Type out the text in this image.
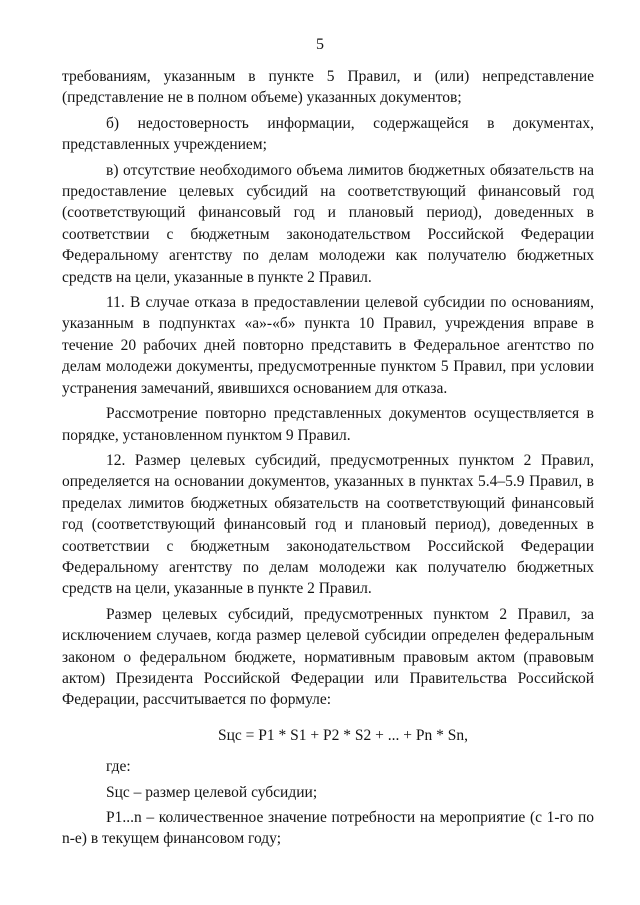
5

требованиям, указанным в пункте 5 Правил, и (или) непредставление (представление не в полном объеме) указанных документов;

б) недостоверность информации, содержащейся в документах, представленных учреждением;

в) отсутствие необходимого объема лимитов бюджетных обязательств на предоставление целевых субсидий на соответствующий финансовый год (соответствующий финансовый год и плановый период), доведенных в соответствии с бюджетным законодательством Российской Федерации Федеральному агентству по делам молодежи как получателю бюджетных средств на цели, указанные в пункте 2 Правил.

11. В случае отказа в предоставлении целевой субсидии по основаниям, указанным в подпунктах «а»-«б» пункта 10 Правил, учреждения вправе в течение 20 рабочих дней повторно представить в Федеральное агентство по делам молодежи документы, предусмотренные пунктом 5 Правил, при условии устранения замечаний, явившихся основанием для отказа.

Рассмотрение повторно представленных документов осуществляется в порядке, установленном пунктом 9 Правил.

12. Размер целевых субсидий, предусмотренных пунктом 2 Правил, определяется на основании документов, указанных в пунктах 5.4–5.9 Правил, в пределах лимитов бюджетных обязательств на соответствующий финансовый год (соответствующий финансовый год и плановый период), доведенных в соответствии с бюджетным законодательством Российской Федерации Федеральному агентству по делам молодежи как получателю бюджетных средств на цели, указанные в пункте 2 Правил.

Размер целевых субсидий, предусмотренных пунктом 2 Правил, за исключением случаев, когда размер целевой субсидии определен федеральным законом о федеральном бюджете, нормативным правовым актом (правовым актом) Президента Российской Федерации или Правительства Российской Федерации, рассчитывается по формуле:

Sцс = P1 * S1 + P2 * S2 + ... + Pn * Sn,

где:

Sцс – размер целевой субсидии;

P1...n – количественное значение потребности на мероприятие (с 1-го по n-е) в текущем финансовом году;
